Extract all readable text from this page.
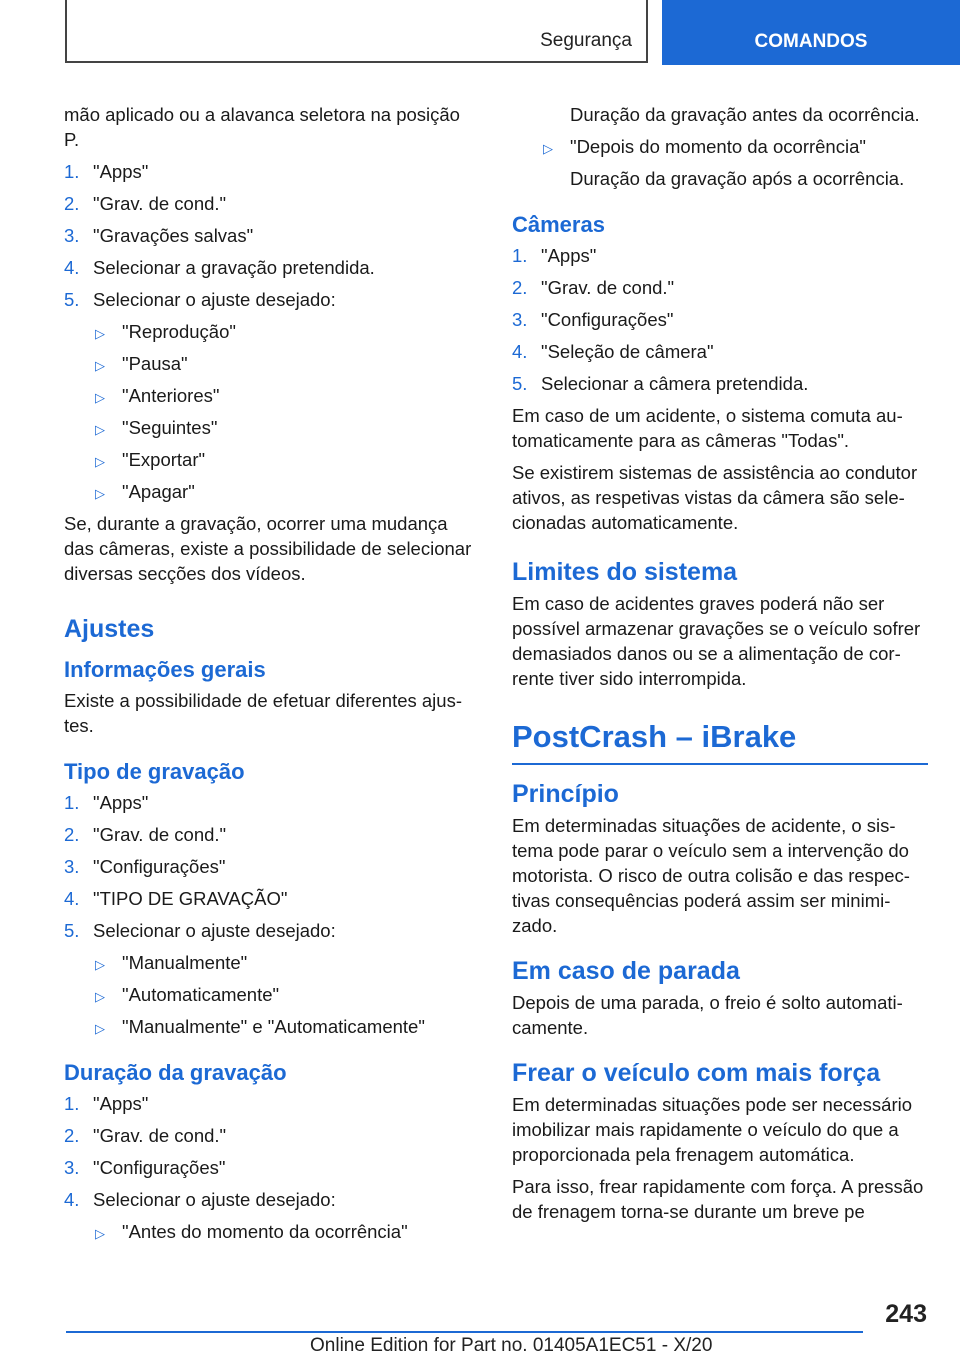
Segurança	COMANDOS

mão aplicado ou a alavanca seletora na posição P.

1. "Apps"
2. "Grav. de cond."
3. "Gravações salvas"
4. Selecionar a gravação pretendida.
5. Selecionar o ajuste desejado:
▷ "Reprodução"
▷ "Pausa"
▷ "Anteriores"
▷ "Seguintes"
▷ "Exportar"
▷ "Apagar"

Se, durante a gravação, ocorrer uma mudança das câmeras, existe a possibilidade de selecionar diversas secções dos vídeos.

Ajustes
Informações gerais

Existe a possibilidade de efetuar diferentes ajustes.

Tipo de gravação
1. "Apps"
2. "Grav. de cond."
3. "Configurações"
4. "TIPO DE GRAVAÇÃO"
5. Selecionar o ajuste desejado:
▷ "Manualmente"
▷ "Automaticamente"
▷ "Manualmente" e "Automaticamente"
Duração da gravação
1. "Apps"
2. "Grav. de cond."
3. "Configurações"
4. Selecionar o ajuste desejado:
▷ "Antes do momento da ocorrência"
Duração da gravação antes da ocorrência.
▷ "Depois do momento da ocorrência"
Duração da gravação após a ocorrência.
Câmeras
1. "Apps"
2. "Grav. de cond."
3. "Configurações"
4. "Seleção de câmera"
5. Selecionar a câmera pretendida.

Em caso de um acidente, o sistema comuta automaticamente para as câmeras "Todas".

Se existirem sistemas de assistência ao condutor ativos, as respetivas vistas da câmera são selecionadas automaticamente.

Limites do sistema

Em caso de acidentes graves poderá não ser possível armazenar gravações se o veículo sofrer demasiados danos ou se a alimentação de corrente tiver sido interrompida.

PostCrash – iBrake
Princípio

Em determinadas situações de acidente, o sistema pode parar o veículo sem a intervenção do motorista. O risco de outra colisão e das respectivas consequências poderá assim ser minimizado.

Em caso de parada

Depois de uma parada, o freio é solto automaticamente.

Frear o veículo com mais força

Em determinadas situações pode ser necessário imobilizar mais rapidamente o veículo do que a proporcionada pela frenagem automática.

Para isso, frear rapidamente com força. A pressão de frenagem torna-se durante um breve pe

243
Online Edition for Part no. 01405A1EC51 - X/20
